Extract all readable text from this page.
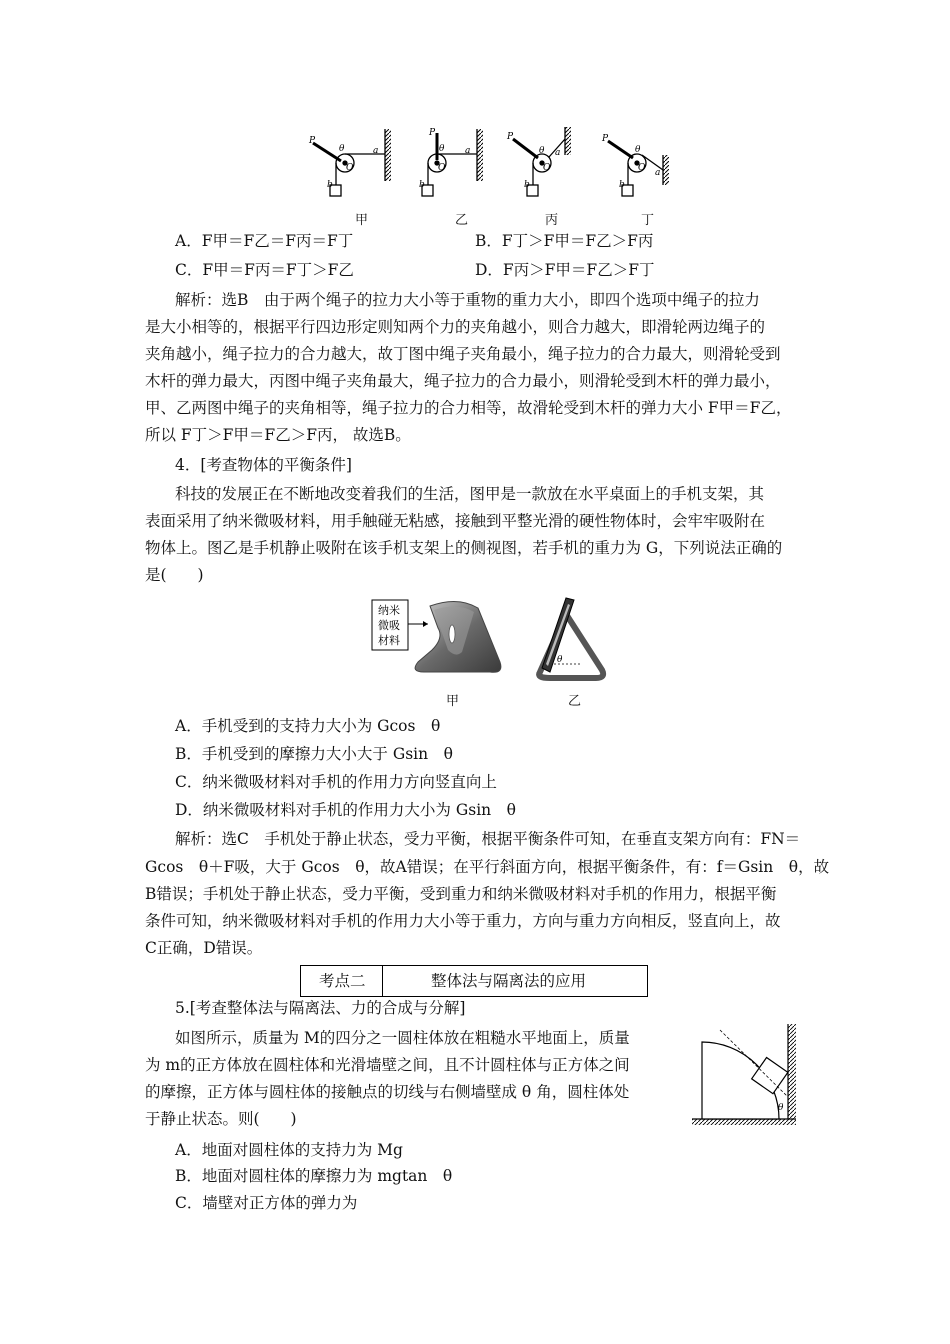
P
θ
O
a
b
P
θ
O
a
b
P
θ
O
a
b
P
θ
O a
b
甲	乙	丙	丁
A．F甲＝F乙＝F丙＝F丁	B．F丁＞F甲＝F乙＞F丙
C．F甲＝F丙＝F丁＞F乙	D．F丙＞F甲＝F乙＞F丁
解析：选B　由于两个绳子的拉力大小等于重物的重力大小，即四个选项中绳子的拉力
是大小相等的，根据平行四边形定则知两个力的夹角越小，则合力越大，即滑轮两边绳子的
夹角越小，绳子拉力的合力越大，故丁图中绳子夹角最小，绳子拉力的合力最大，则滑轮受到
木杆的弹力最大，丙图中绳子夹角最大，绳子拉力的合力最小，则滑轮受到木杆的弹力最小，
甲、乙两图中绳子的夹角相等，绳子拉力的合力相等，故滑轮受到木杆的弹力大小 F甲＝F乙，
所以 F丁＞F甲＝F乙＞F丙， 故选B。
4．[考查物体的平衡条件]
科技的发展正在不断地改变着我们的生活，图甲是一款放在水平桌面上的手机支架，其
表面采用了纳米微吸材料，用手触碰无粘感，接触到平整光滑的硬性物体时，会牢牢吸附在
物体上。图乙是手机静止吸附在该手机支架上的侧视图，若手机的重力为 G，下列说法正确的
是(　　)
纳米
微吸
材料
θ
甲	乙
A．手机受到的支持力大小为 Gcos　θ
B．手机受到的摩擦力大小大于 Gsin　θ
C．纳米微吸材料对手机的作用力方向竖直向上
D．纳米微吸材料对手机的作用力大小为 Gsin　θ
解析：选C　手机处于静止状态，受力平衡，根据平衡条件可知，在垂直支架方向有：FN＝
Gcos　θ＋F吸，大于 Gcos　θ，故A错误；在平行斜面方向，根据平衡条件，有：f＝Gsin　θ，故
B错误；手机处于静止状态，受力平衡，受到重力和纳米微吸材料对手机的作用力，根据平衡
条件可知，纳米微吸材料对手机的作用力大小等于重力，方向与重力方向相反，竖直向上，故
C正确，D错误。
考点二	整体法与隔离法的应用
5.[考查整体法与隔离法、力的合成与分解]
如图所示，质量为 M的四分之一圆柱体放在粗糙水平地面上，质量
为 m的正方体放在圆柱体和光滑墙壁之间，且不计圆柱体与正方体之间
的摩擦，正方体与圆柱体的接触点的切线与右侧墙壁成 θ 角，圆柱体处
于静止状态。则(　　)
θ
A．地面对圆柱体的支持力为 Mg
B．地面对圆柱体的摩擦力为 mgtan　θ
C．墙壁对正方体的弹力为
